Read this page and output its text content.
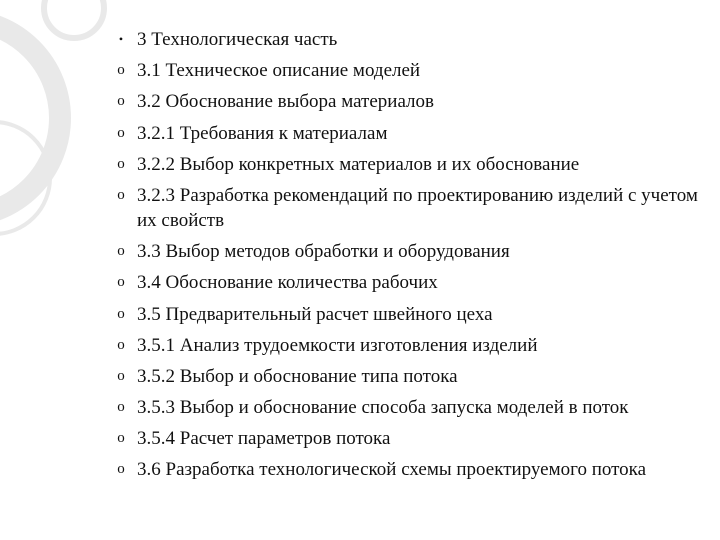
• 3 Технологическая часть
o 3.1 Техническое описание моделей
o 3.2 Обоснование выбора материалов
o 3.2.1 Требования к материалам
o 3.2.2 Выбор конкретных материалов и их обоснование
o 3.2.3 Разработка рекомендаций по проектированию изделий с учетом их свойств
o 3.3 Выбор методов обработки и оборудования
o 3.4 Обоснование количества рабочих
o 3.5 Предварительный расчет швейного цеха
o 3.5.1 Анализ трудоемкости изготовления изделий
o 3.5.2 Выбор и обоснование типа потока
o 3.5.3 Выбор и обоснование способа запуска моделей в поток
o 3.5.4 Расчет параметров потока
o 3.6 Разработка технологической схемы проектируемого потока
